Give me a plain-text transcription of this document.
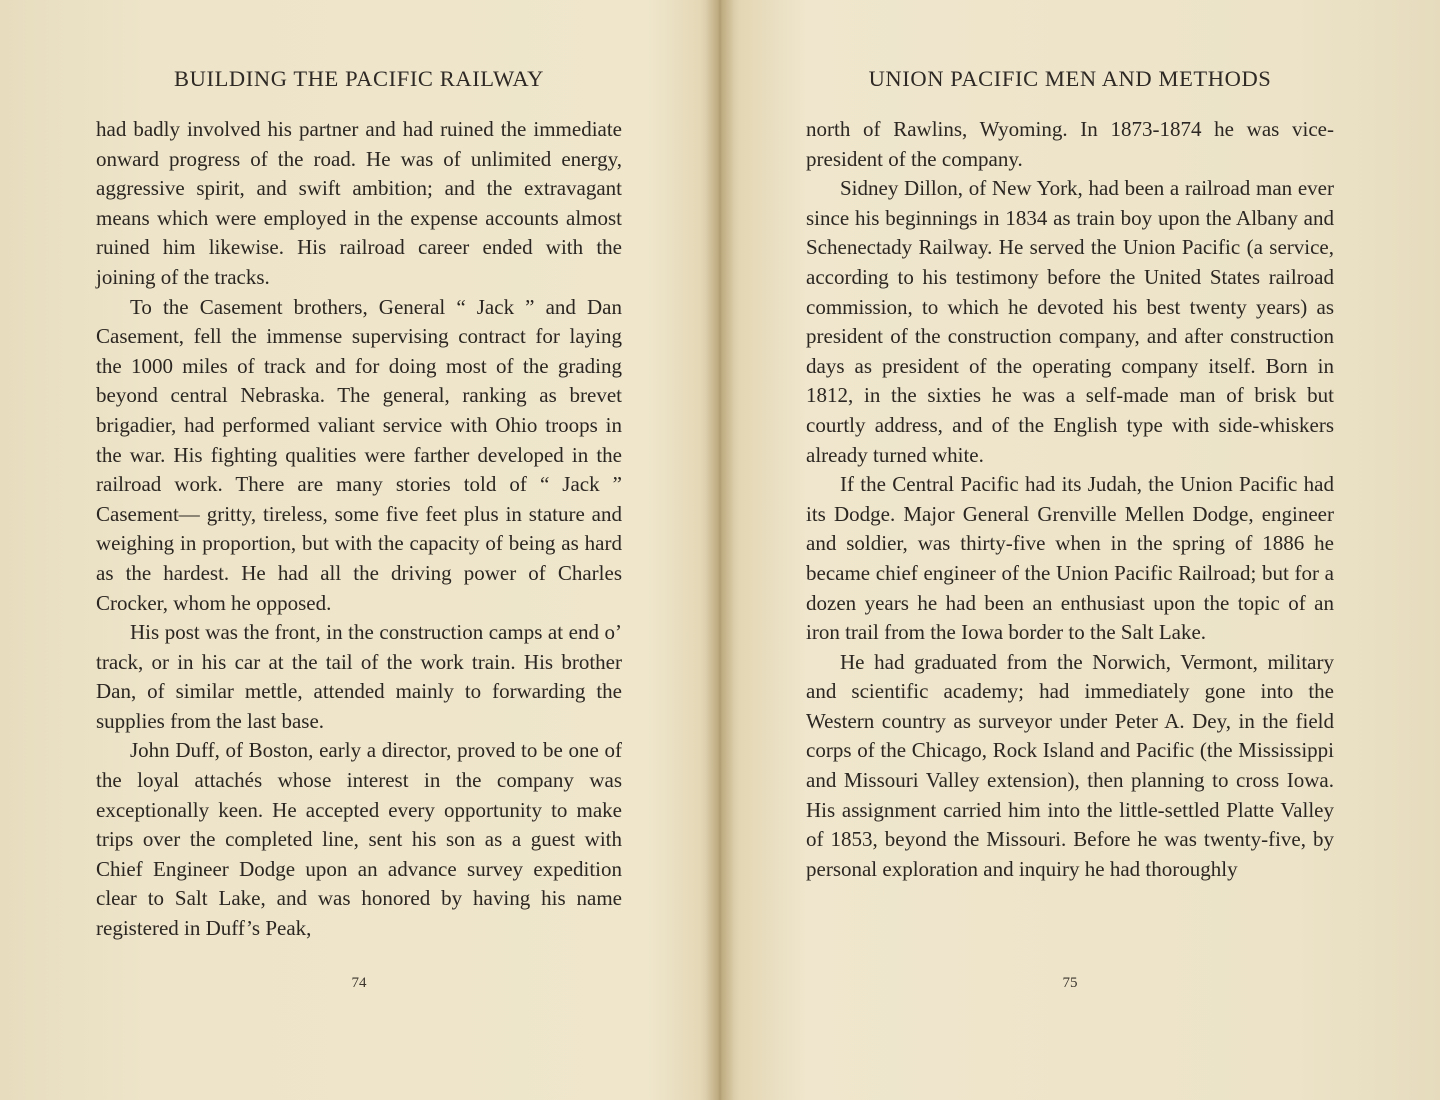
BUILDING THE PACIFIC RAILWAY

had badly involved his partner and had ruined the immediate onward progress of the road. He was of unlimited energy, aggressive spirit, and swift ambition; and the extravagant means which were employed in the expense accounts almost ruined him likewise. His railroad career ended with the joining of the tracks.

To the Casement brothers, General “ Jack ” and Dan Casement, fell the immense supervising contract for laying the 1000 miles of track and for doing most of the grading beyond central Nebraska. The general, ranking as brevet brigadier, had performed valiant service with Ohio troops in the war. His fighting qualities were farther developed in the railroad work. There are many stories told of “ Jack ” Casement— gritty, tireless, some five feet plus in stature and weighing in proportion, but with the capacity of being as hard as the hardest. He had all the driving power of Charles Crocker, whom he opposed.

His post was the front, in the construction camps at end o’ track, or in his car at the tail of the work train. His brother Dan, of similar mettle, attended mainly to forwarding the supplies from the last base.

John Duff, of Boston, early a director, proved to be one of the loyal attachés whose interest in the company was exceptionally keen. He accepted every opportunity to make trips over the completed line, sent his son as a guest with Chief Engineer Dodge upon an advance survey expedition clear to Salt Lake, and was honored by having his name registered in Duff’s Peak,

74
UNION PACIFIC MEN AND METHODS

north of Rawlins, Wyoming. In 1873-1874 he was vice-president of the company.

Sidney Dillon, of New York, had been a railroad man ever since his beginnings in 1834 as train boy upon the Albany and Schenectady Railway. He served the Union Pacific (a service, according to his testimony before the United States railroad commission, to which he devoted his best twenty years) as president of the construction company, and after construction days as president of the operating company itself. Born in 1812, in the sixties he was a self-made man of brisk but courtly address, and of the English type with side-whiskers already turned white.

If the Central Pacific had its Judah, the Union Pacific had its Dodge. Major General Grenville Mellen Dodge, engineer and soldier, was thirty-five when in the spring of 1886 he became chief engineer of the Union Pacific Railroad; but for a dozen years he had been an enthusiast upon the topic of an iron trail from the Iowa border to the Salt Lake.

He had graduated from the Norwich, Vermont, military and scientific academy; had immediately gone into the Western country as surveyor under Peter A. Dey, in the field corps of the Chicago, Rock Island and Pacific (the Mississippi and Missouri Valley extension), then planning to cross Iowa. His assignment carried him into the little-settled Platte Valley of 1853, beyond the Missouri. Before he was twenty-five, by personal exploration and inquiry he had thoroughly

75
